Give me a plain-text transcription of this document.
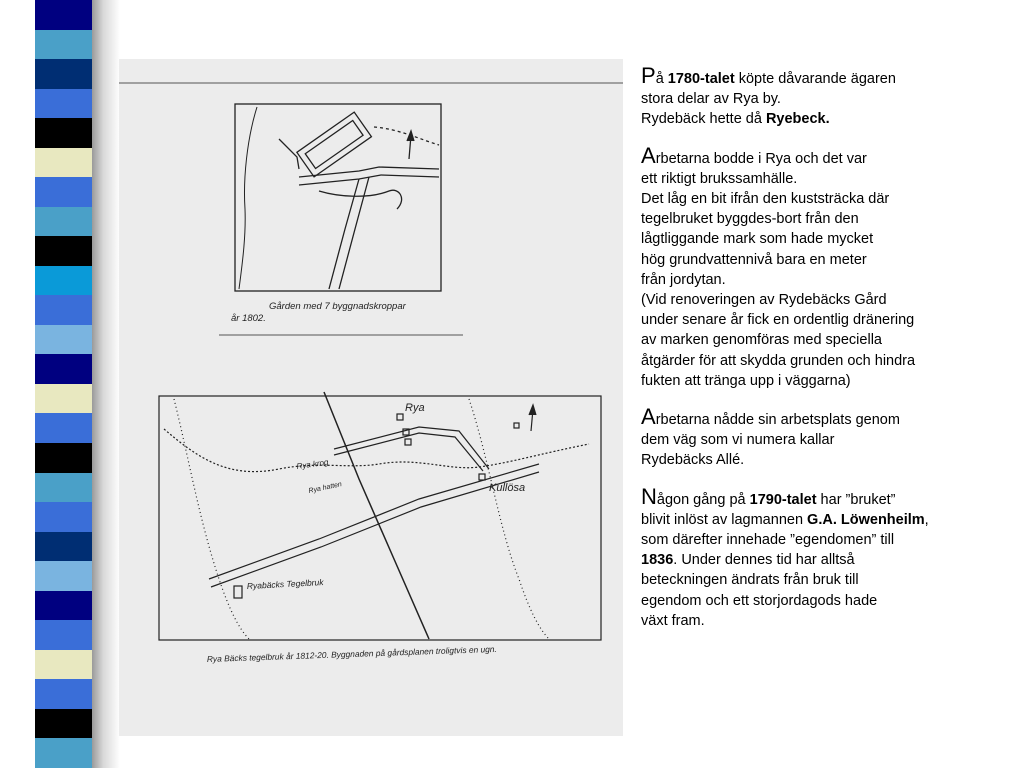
Gården med 7 byggnadskroppar
år 1802.
Rya
Rya krog
Rya hatten	Kullösa
Ryabäcks Tegelbruk
Rya Bäcks tegelbruk år 1812-20. Byggnaden på gårdsplanen troligtvis en ugn.

På 1780-talet köpte dåvarande ägaren
stora delar av Rya by.
Rydebäck hette då Ryebeck.

Arbetarna bodde i Rya och det var
ett riktigt brukssamhälle.
Det låg en bit ifrån den kuststräcka där
tegelbruket byggdes-bort från den
lågtliggande mark som hade mycket
hög grundvattennivå bara en meter
från jordytan.
(Vid renoveringen av Rydebäcks Gård
under senare år fick en ordentlig dränering
av marken genomföras med speciella
åtgärder för att skydda grunden och hindra
fukten att tränga upp i väggarna)

Arbetarna nådde sin arbetsplats genom
dem väg som vi numera kallar
Rydebäcks Allé.

Någon gång på 1790-talet har ”bruket”
blivit inlöst av lagmannen G.A. Löwenheilm,
som därefter innehade ”egendomen” till
1836. Under dennes tid har alltså
beteckningen ändrats från bruk till
egendom och ett storjordagods hade
växt fram.
